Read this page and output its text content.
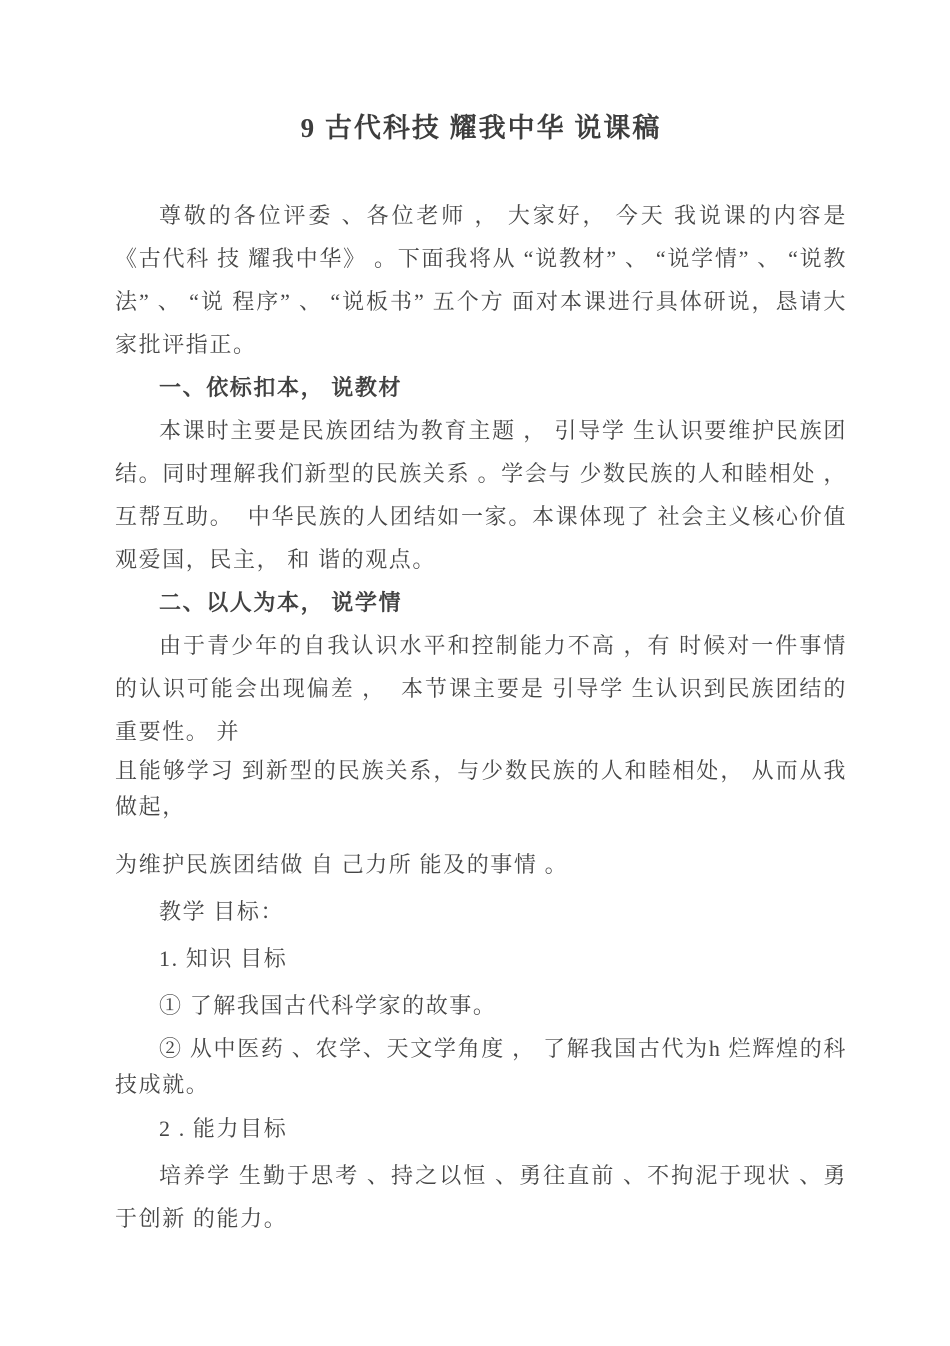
9 古代科技 耀我中华 说课稿

尊敬的各位评委 、各位老师 ， 大家好， 今天 我说课的内容是 《古代科 技 耀我中华》 。下面我将从 “说教材” 、 “说学情” 、 “说教法” 、 “说 程序” 、 “说板书” 五个方 面对本课进行具体研说，恳请大家批评指正。

一、依标扣本， 说教材

本课时主要是民族团结为教育主题 ， 引导学 生认识要维护民族团结。同时理解我们新型的民族关系 。学会与 少数民族的人和睦相处 ，互帮互助。  中华民族的人团结如一家。本课体现了 社会主义核心价值观爱国，民主， 和 谐的观点。

二、以人为本， 说学情

由于青少年的自我认识水平和控制能力不高 ，有 时候对一件事情的认识可能会出现偏差 ，  本节课主要是 引导学 生认识到民族团结的重要性。 并

且能够学习 到新型的民族关系，与少数民族的人和睦相处， 从而从我做起，

为维护民族团结做 自 己力所 能及的事情 。

教学 目标：

1. 知识 目标

① 了解我国古代科学家的故事。

② 从中医药 、农学、天文学角度 ， 了解我国古代为h 烂辉煌的科技成就。

2 . 能力目标

培养学 生勤于思考 、持之以恒 、勇往直前 、不拘泥于现状 、勇于创新 的能力。
